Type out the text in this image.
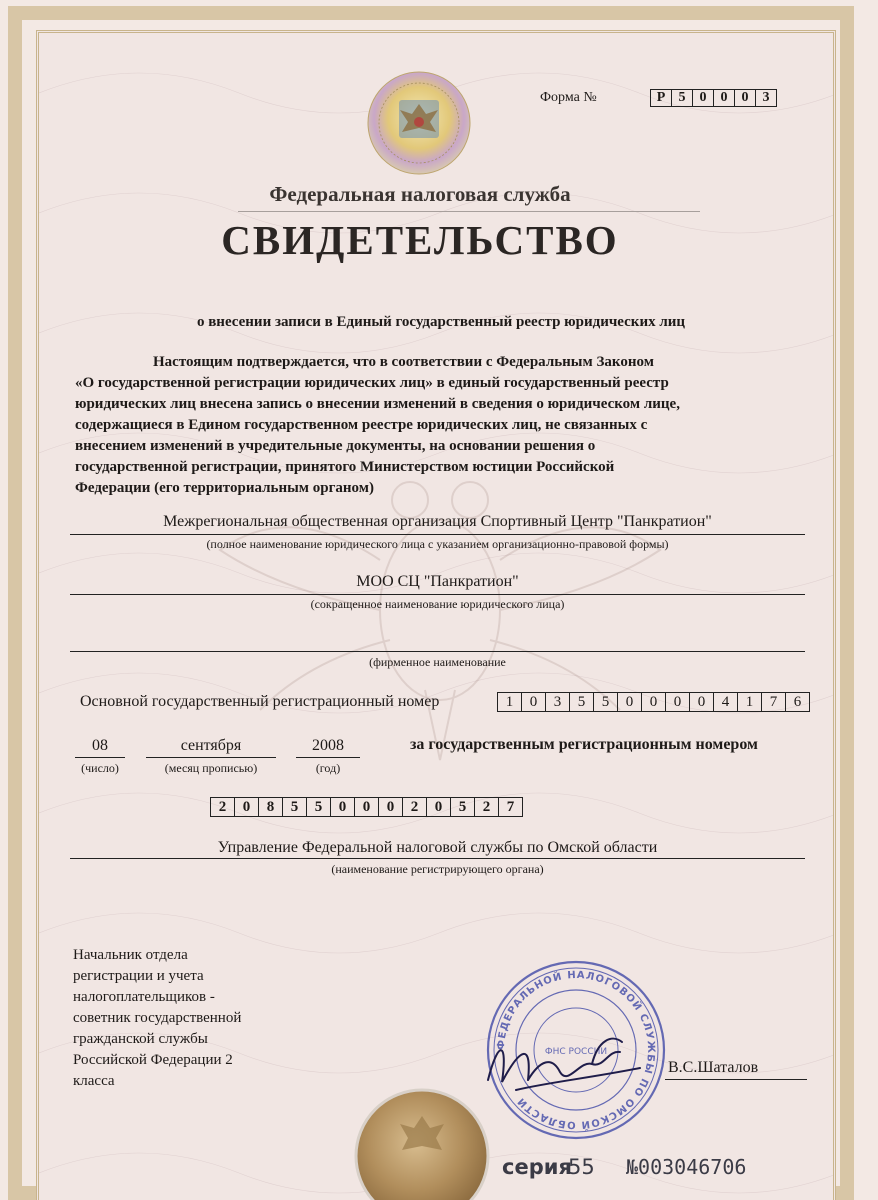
Форма №	Р 5	0	0	0	3
Федеральная налоговая служба
СВИДЕТЕЛЬСТВО
о внесении записи в Единый государственный реестр юридических лиц
Настоящим подтверждается, что в соответствии с Федеральным Законом
«О государственной регистрации юридических лиц» в единый государственный реестр
юридических лиц внесена запись о внесении изменений в сведения о юридическом лице,
содержащиеся в Едином государственном реестре юридических лиц, не связанных с
внесением изменений в учредительные документы, на основании решения о
государственной регистрации, принятого Министерством юстиции Российской
Федерации (его территориальным органом)
Межрегиональная общественная организация Спортивный Центр "Панкратион"
(полное наименование юридического лица с указанием организационно-правовой формы)
МОО СЦ "Панкратион"
(сокращенное наименование юридического лица)
(фирменное наименование
Основной государственный регистрационный номер	1	0	3	5	5	0	0	0	0	4	1	7	6
08
(число)
сентября
(месяц прописью)
2008
(год)
за государственным регистрационным номером
2	0	8	5	5	0	0	0	2	0	5	2	7
Управление Федеральной налоговой службы по Омской области
(наименование регистрирующего органа)
Начальник отдела
регистрации и учета
налогоплательщиков -
советник государственной
гражданской службы
Российской Федерации 2
класса
ФЕДЕРАЛЬНОЙ НАЛОГОВОЙ СЛУЖБЫ ПО ОМСКОЙ ОБЛАСТИ
ФНС РОССИИ
В.С.Шаталов
серия
55 №003046706
